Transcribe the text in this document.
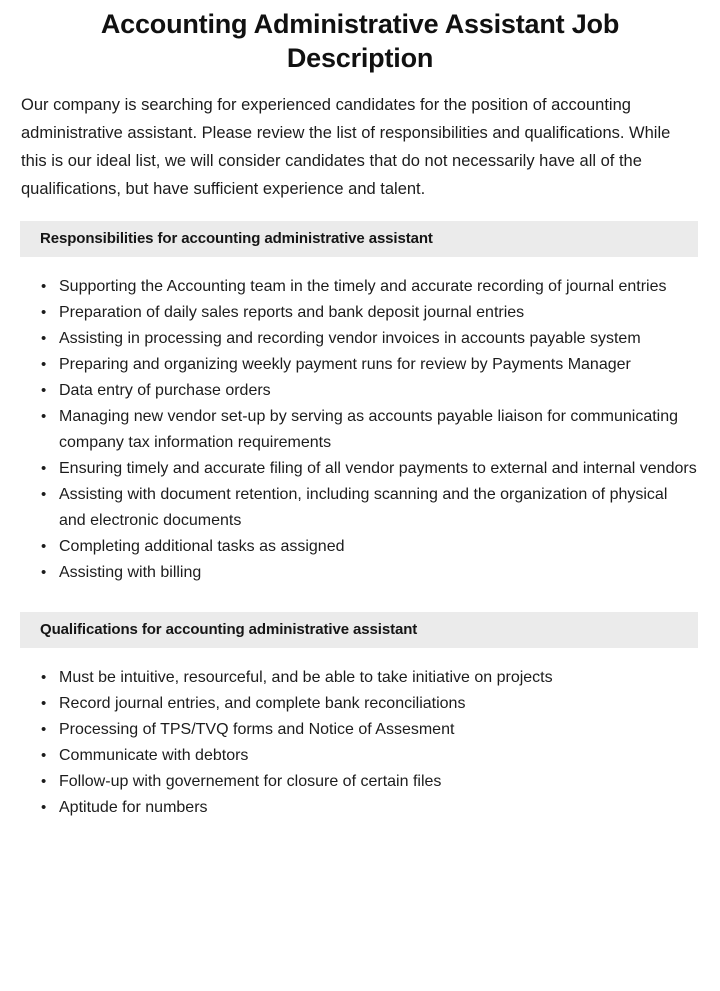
Accounting Administrative Assistant Job Description

Our company is searching for experienced candidates for the position of accounting administrative assistant. Please review the list of responsibilities and qualifications. While this is our ideal list, we will consider candidates that do not necessarily have all of the qualifications, but have sufficient experience and talent.

Responsibilities for accounting administrative assistant
• Supporting the Accounting team in the timely and accurate recording of journal entries
• Preparation of daily sales reports and bank deposit journal entries
• Assisting in processing and recording vendor invoices in accounts payable system
• Preparing and organizing weekly payment runs for review by Payments Manager
• Data entry of purchase orders
• Managing new vendor set-up by serving as accounts payable liaison for communicating company tax information requirements
• Ensuring timely and accurate filing of all vendor payments to external and internal vendors
• Assisting with document retention, including scanning and the organization of physical and electronic documents
• Completing additional tasks as assigned
• Assisting with billing
Qualifications for accounting administrative assistant
• Must be intuitive, resourceful, and be able to take initiative on projects
• Record journal entries, and complete bank reconciliations
• Processing of TPS/TVQ forms and Notice of Assesment
• Communicate with debtors
• Follow-up with governement for closure of certain files
• Aptitude for numbers
